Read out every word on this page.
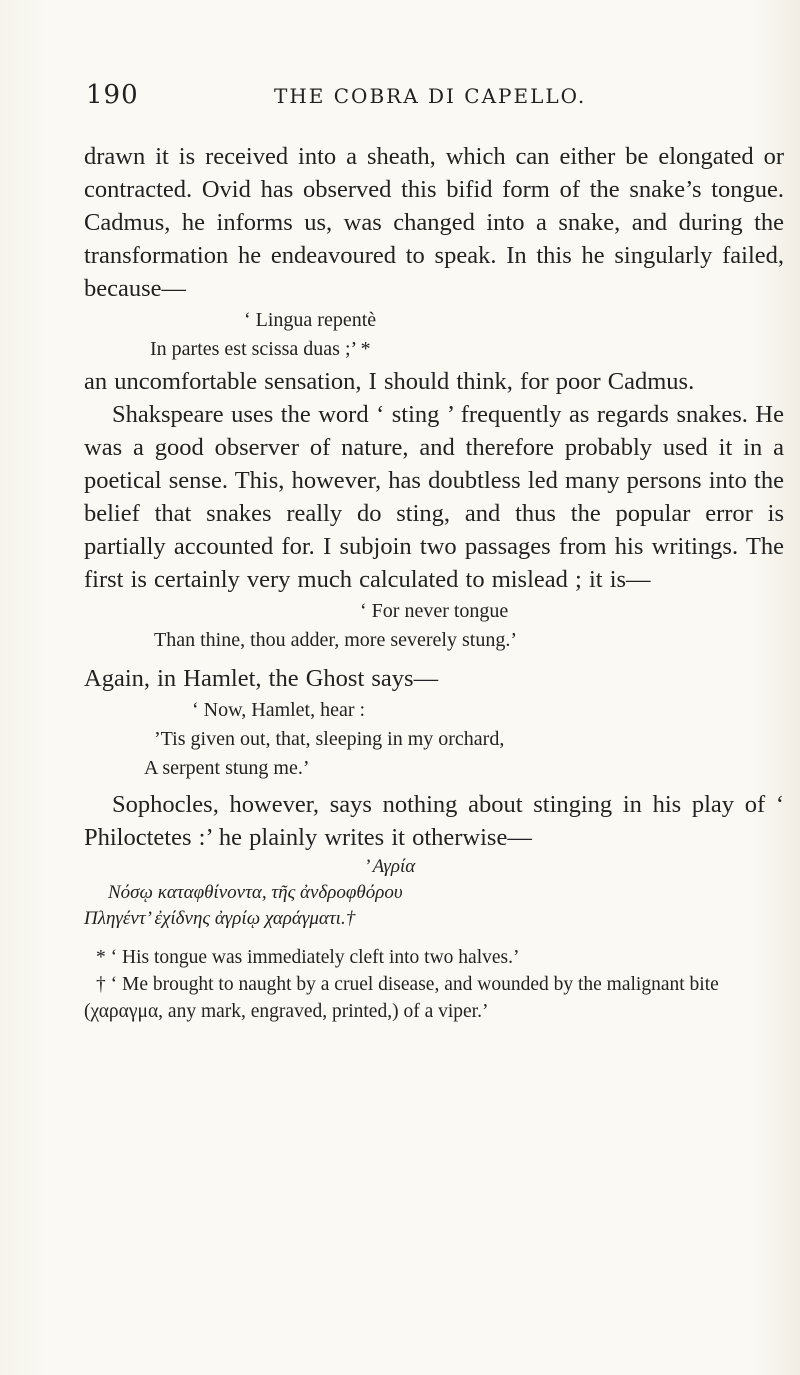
190	THE COBRA DI CAPELLO.

drawn it is received into a sheath, which can either be elongated or contracted. Ovid has observed this bifid form of the snake’s tongue. Cadmus, he informs us, was changed into a snake, and during the transformation he endeavoured to speak. In this he singularly failed, because—

‘ Lingua repentè

In partes est scissa duas ;’ *

an uncomfortable sensation, I should think, for poor Cadmus.

Shakspeare uses the word ‘ sting ’ frequently as regards snakes. He was a good observer of nature, and therefore probably used it in a poetical sense. This, however, has doubtless led many persons into the belief that snakes really do sting, and thus the popular error is partially accounted for. I subjoin two passages from his writings. The first is certainly very much calculated to mislead ; it is—

‘ For never tongue

Than thine, thou adder, more severely stung.’

Again, in Hamlet, the Ghost says—

‘ Now, Hamlet, hear :

’Tis given out, that, sleeping in my orchard,

A serpent stung me.’

Sophocles, however, says nothing about stinging in his play of ‘ Philoctetes :’ he plainly writes it otherwise—

’ Αγρία

Νόσῳ καταφθίνοντα, τῆς ἀνδροφθόρου

Πληγέντ’ ἐχίδνης ἀγρίῳ χαράγματι.†

* ‘ His tongue was immediately cleft into two halves.’

† ‘ Me brought to naught by a cruel disease, and wounded by the malignant bite (χαραγμα, any mark, engraved, printed,) of a viper.’
